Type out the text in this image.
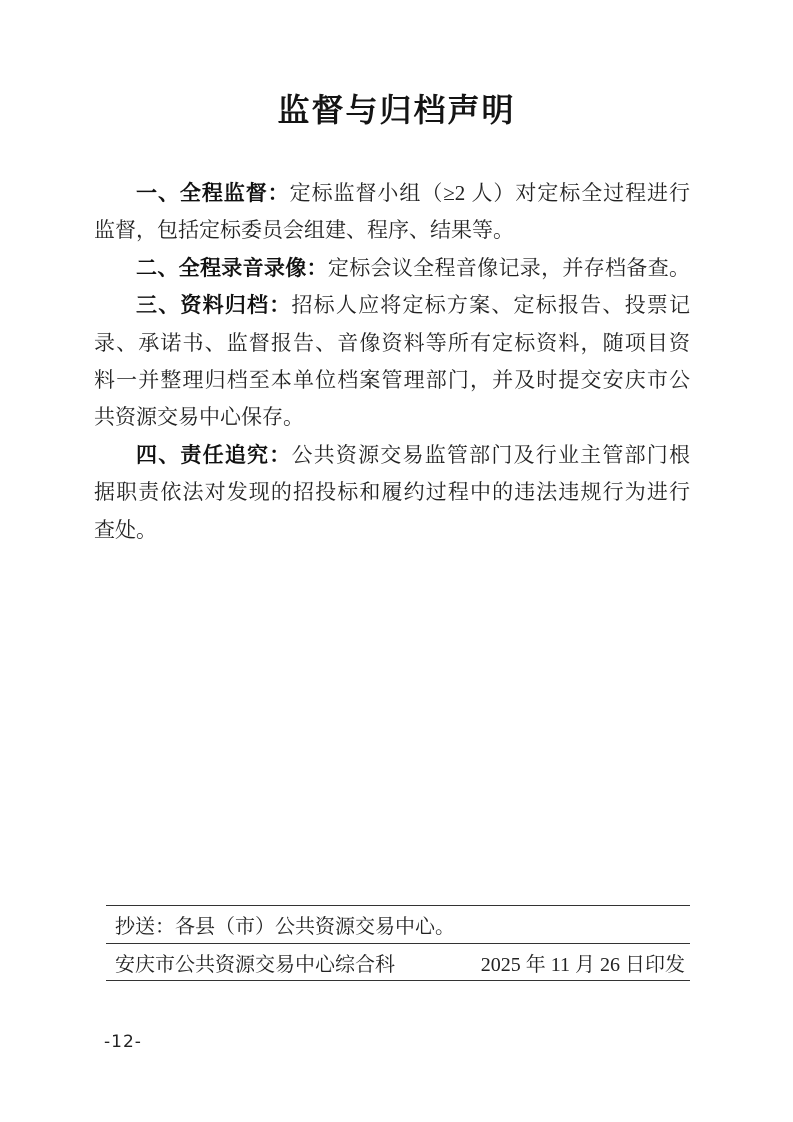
监督与归档声明
一、全程监督：定标监督小组（≥2 人）对定标全过程进行
监督，包括定标委员会组建、程序、结果等。
二、全程录音录像：定标会议全程音像记录，并存档备查。
三、资料归档：招标人应将定标方案、定标报告、投票记
录、承诺书、监督报告、音像资料等所有定标资料，随项目资
料一并整理归档至本单位档案管理部门，并及时提交安庆市公
共资源交易中心保存。
四、责任追究：公共资源交易监管部门及行业主管部门根
据职责依法对发现的招投标和履约过程中的违法违规行为进行
查处。
抄送：各县（市）公共资源交易中心。
安庆市公共资源交易中心综合科	2025 年 11 月 26 日印发
-12-
